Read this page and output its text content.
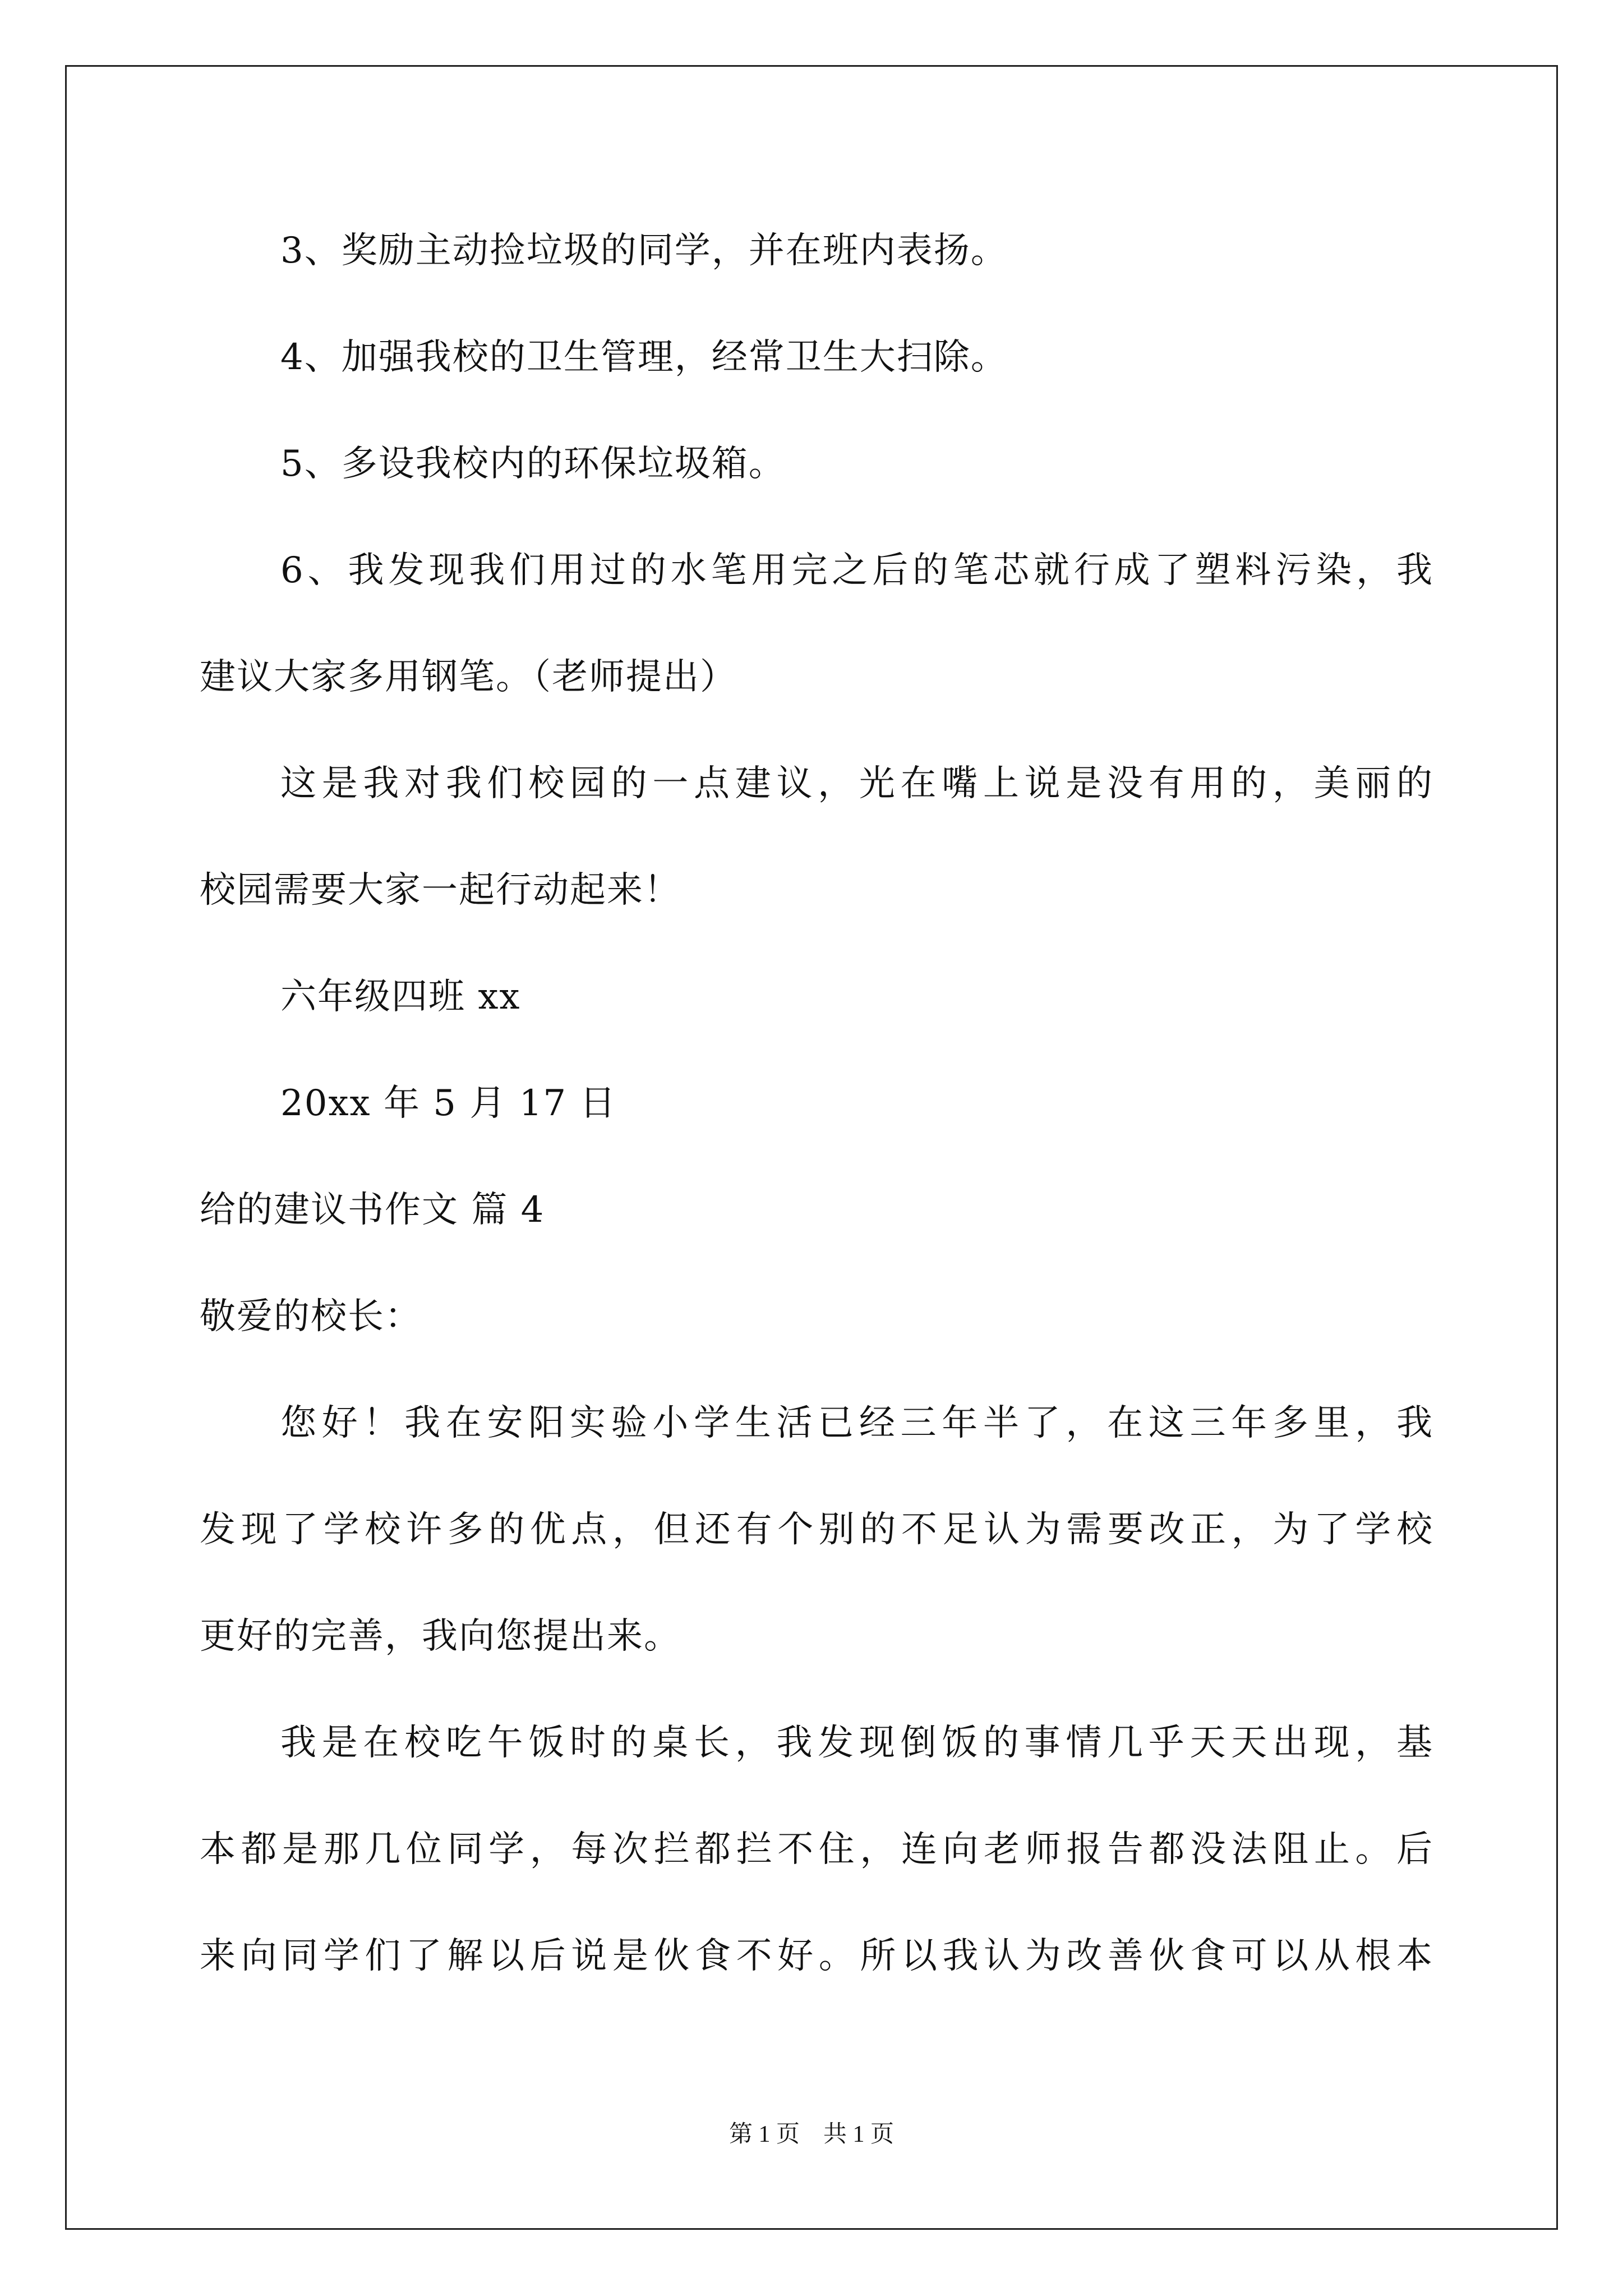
3、奖励主动捡垃圾的同学，并在班内表扬。
4、加强我校的卫生管理，经常卫生大扫除。
5、多设我校内的环保垃圾箱。
6、我发现我们用过的水笔用完之后的笔芯就行成了塑料污染，我
建议大家多用钢笔。（老师提出）
这是我对我们校园的一点建议，光在嘴上说是没有用的，美丽的
校园需要大家一起行动起来！
六年级四班 xx
20xx 年 5 月 17 日
给的建议书作文 篇 4
敬爱的校长：
您好！我在安阳实验小学生活已经三年半了，在这三年多里，我
发现了学校许多的优点，但还有个别的不足认为需要改正，为了学校
更好的完善，我向您提出来。
我是在校吃午饭时的桌长，我发现倒饭的事情几乎天天出现，基
本都是那几位同学，每次拦都拦不住，连向老师报告都没法阻止。后
来向同学们了解以后说是伙食不好。所以我认为改善伙食可以从根本
第 1 页　共 1 页
